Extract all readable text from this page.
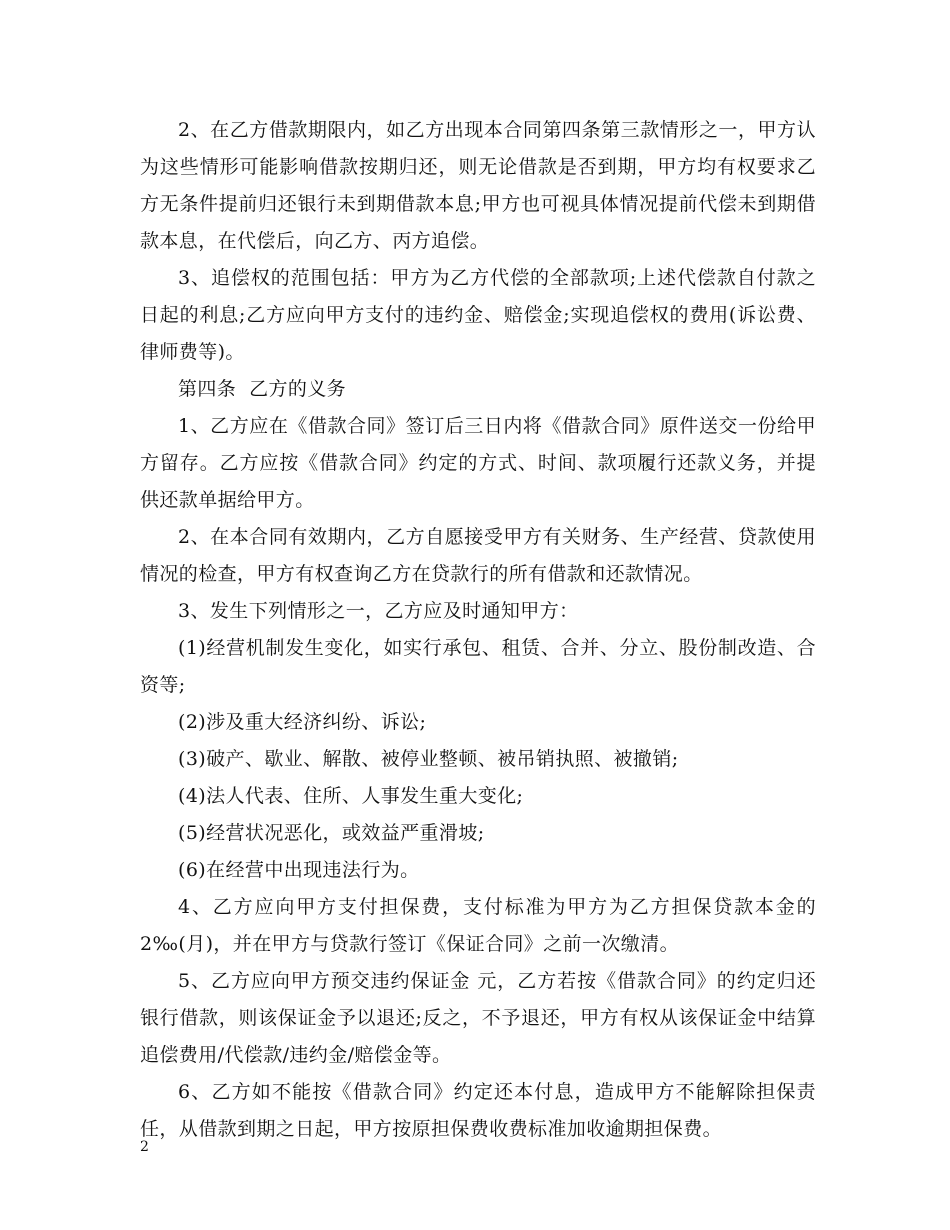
2、在乙方借款期限内，如乙方出现本合同第四条第三款情形之一，甲方认为这些情形可能影响借款按期归还，则无论借款是否到期，甲方均有权要求乙方无条件提前归还银行未到期借款本息;甲方也可视具体情况提前代偿未到期借款本息，在代偿后，向乙方、丙方追偿。

3、追偿权的范围包括：甲方为乙方代偿的全部款项;上述代偿款自付款之日起的利息;乙方应向甲方支付的违约金、赔偿金;实现追偿权的费用(诉讼费、律师费等)。

第四条  乙方的义务

1、乙方应在《借款合同》签订后三日内将《借款合同》原件送交一份给甲方留存。乙方应按《借款合同》约定的方式、时间、款项履行还款义务，并提供还款单据给甲方。

2、在本合同有效期内，乙方自愿接受甲方有关财务、生产经营、贷款使用情况的检查，甲方有权查询乙方在贷款行的所有借款和还款情况。

3、发生下列情形之一，乙方应及时通知甲方：

(1)经营机制发生变化，如实行承包、租赁、合并、分立、股份制改造、合资等;

(2)涉及重大经济纠纷、诉讼;

(3)破产、歇业、解散、被停业整顿、被吊销执照、被撤销;

(4)法人代表、住所、人事发生重大变化;

(5)经营状况恶化，或效益严重滑坡;

(6)在经营中出现违法行为。

4、乙方应向甲方支付担保费，支付标准为甲方为乙方担保贷款本金的 2‰(月)，并在甲方与贷款行签订《保证合同》之前一次缴清。

5、乙方应向甲方预交违约保证金 元，乙方若按《借款合同》的约定归还银行借款，则该保证金予以退还;反之，不予退还，甲方有权从该保证金中结算追偿费用/代偿款/违约金/赔偿金等。

6、乙方如不能按《借款合同》约定还本付息，造成甲方不能解除担保责任，从借款到期之日起，甲方按原担保费收费标准加收逾期担保费。

2
